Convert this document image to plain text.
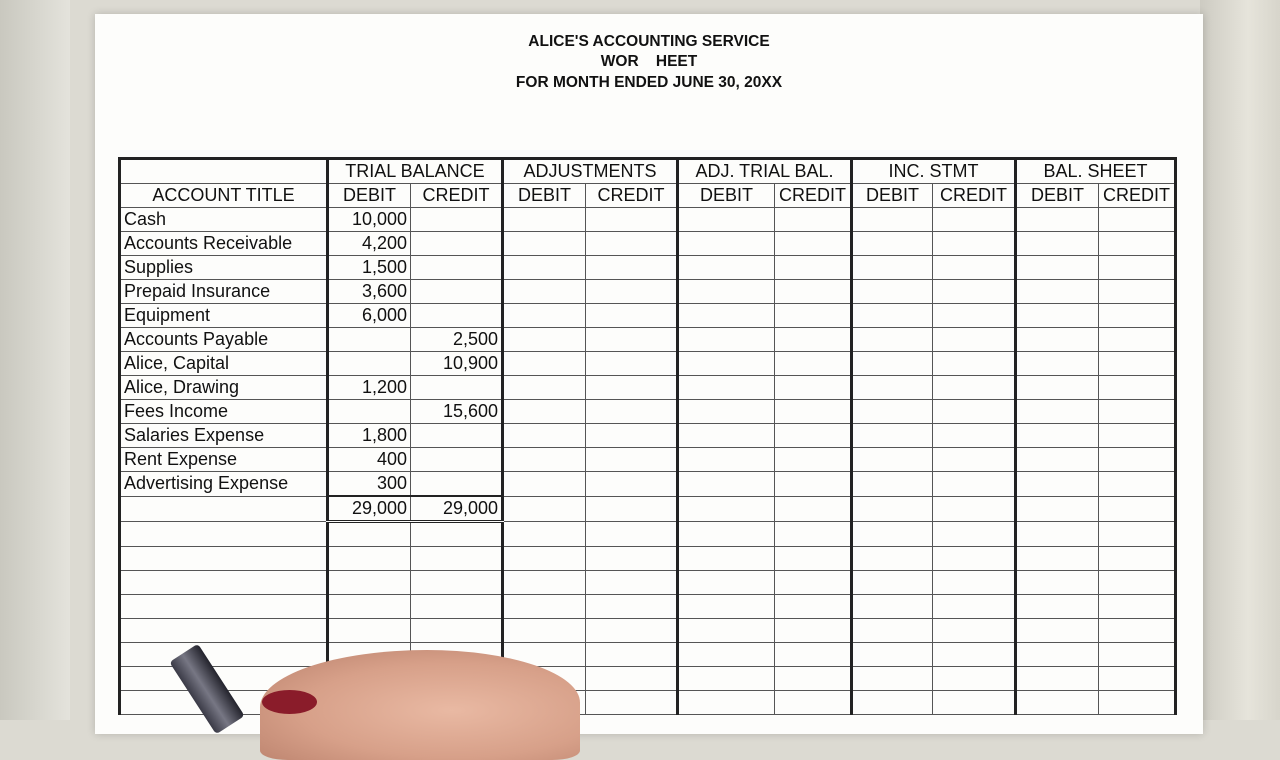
ALICE'S ACCOUNTING SERVICE
WOR    HEET
FOR MONTH ENDED JUNE 30, 20XX
	TRIAL BALANCE		ADJUSTMENTS		ADJ. TRIAL BAL.		INC. STMT		BAL. SHEET	
ACCOUNT TITLE	DEBIT	CREDIT	DEBIT	CREDIT	DEBIT	CREDIT	DEBIT	CREDIT	DEBIT	CREDIT
Cash	10,000									
Accounts Receivable	4,200									
Supplies	1,500									
Prepaid Insurance	3,600									
Equipment	6,000									
Accounts Payable		2,500								
Alice, Capital		10,900								
Alice, Drawing	1,200									
Fees Income		15,600								
Salaries Expense	1,800									
Rent Expense	400									
Advertising Expense	300									
	29,000	29,000								
